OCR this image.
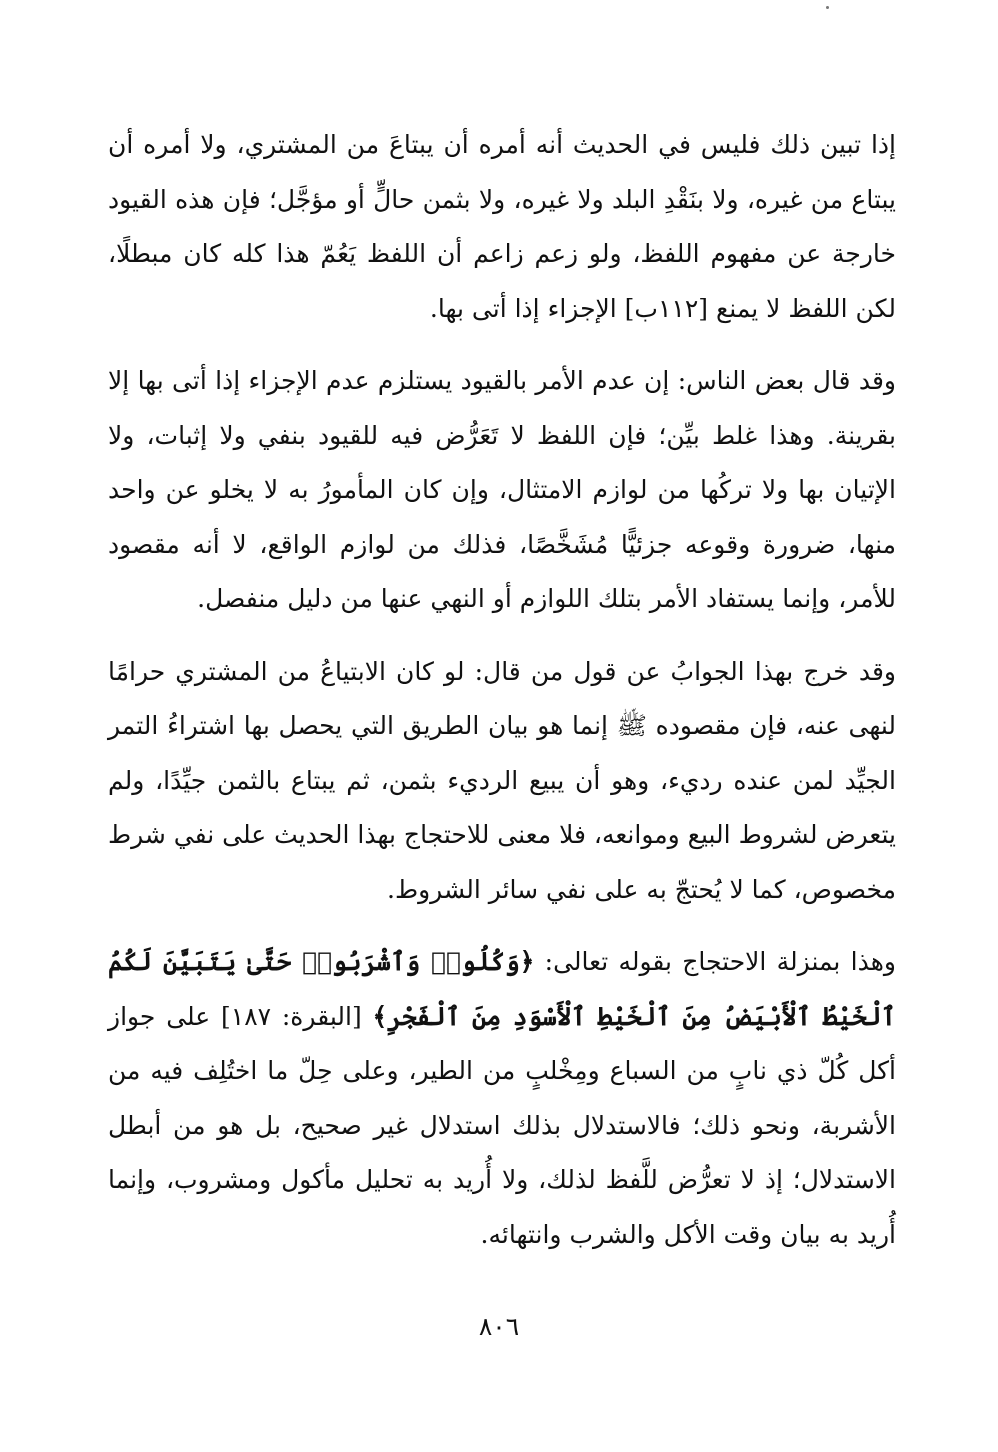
إذا تبين ذلك فليس في الحديث أنه أمره أن يبتاعَ من المشتري، ولا أمره أن يبتاع من غيره، ولا بنَقْدِ البلد ولا غيره، ولا بثمن حالٍّ أو مؤجَّل؛ فإن هذه القيود خارجة عن مفهوم اللفظ، ولو زعم زاعم أن اللفظ يَعُمّ هذا كله كان مبطلًا، لكن اللفظ لا يمنع [١١٢ب] الإجزاء إذا أتى بها.

وقد قال بعض الناس: إن عدم الأمر بالقيود يستلزم عدم الإجزاء إذا أتى بها إلا بقرينة. وهذا غلط بيِّن؛ فإن اللفظ لا تَعَرُّض فيه للقيود بنفي ولا إثبات، ولا الإتيان بها ولا تركُها من لوازم الامتثال، وإن كان المأمورُ به لا يخلو عن واحد منها، ضرورة وقوعه جزئيًّا مُشَخَّصًا، فذلك من لوازم الواقع، لا أنه مقصود للأمر، وإنما يستفاد الأمر بتلك اللوازم أو النهي عنها من دليل منفصل.

وقد خرج بهذا الجوابُ عن قول من قال: لو كان الابتياعُ من المشتري حرامًا لنهى عنه، فإن مقصوده ﷺ إنما هو بيان الطريق التي يحصل بها اشتراءُ التمر الجيِّد لمن عنده رديء، وهو أن يبيع الرديء بثمن، ثم يبتاع بالثمن جيِّدًا، ولم يتعرض لشروط البيع وموانعه، فلا معنى للاحتجاج بهذا الحديث على نفي شرط مخصوص، كما لا يُحتجّ به على نفي سائر الشروط.

وهذا بمنزلة الاحتجاج بقوله تعالى: ﴿وَكُلُوا۟ وَٱشْرَبُوا۟ حَتَّىٰ يَتَبَيَّنَ لَكُمُ ٱلْخَيْطُ ٱلْأَبْيَضُ مِنَ ٱلْخَيْطِ ٱلْأَسْوَدِ مِنَ ٱلْفَجْرِ﴾ [البقرة: ١٨٧] على جواز أكل كُلّ ذي نابٍ من السباع ومِخْلبٍ من الطير، وعلى حِلّ ما اختُلِف فيه من الأشربة، ونحو ذلك؛ فالاستدلال بذلك استدلال غير صحيح، بل هو من أبطل الاستدلال؛ إذ لا تعرُّض للَّفظ لذلك، ولا أُريد به تحليل مأكول ومشروب، وإنما أُريد به بيان وقت الأكل والشرب وانتهائه.

٨٠٦
